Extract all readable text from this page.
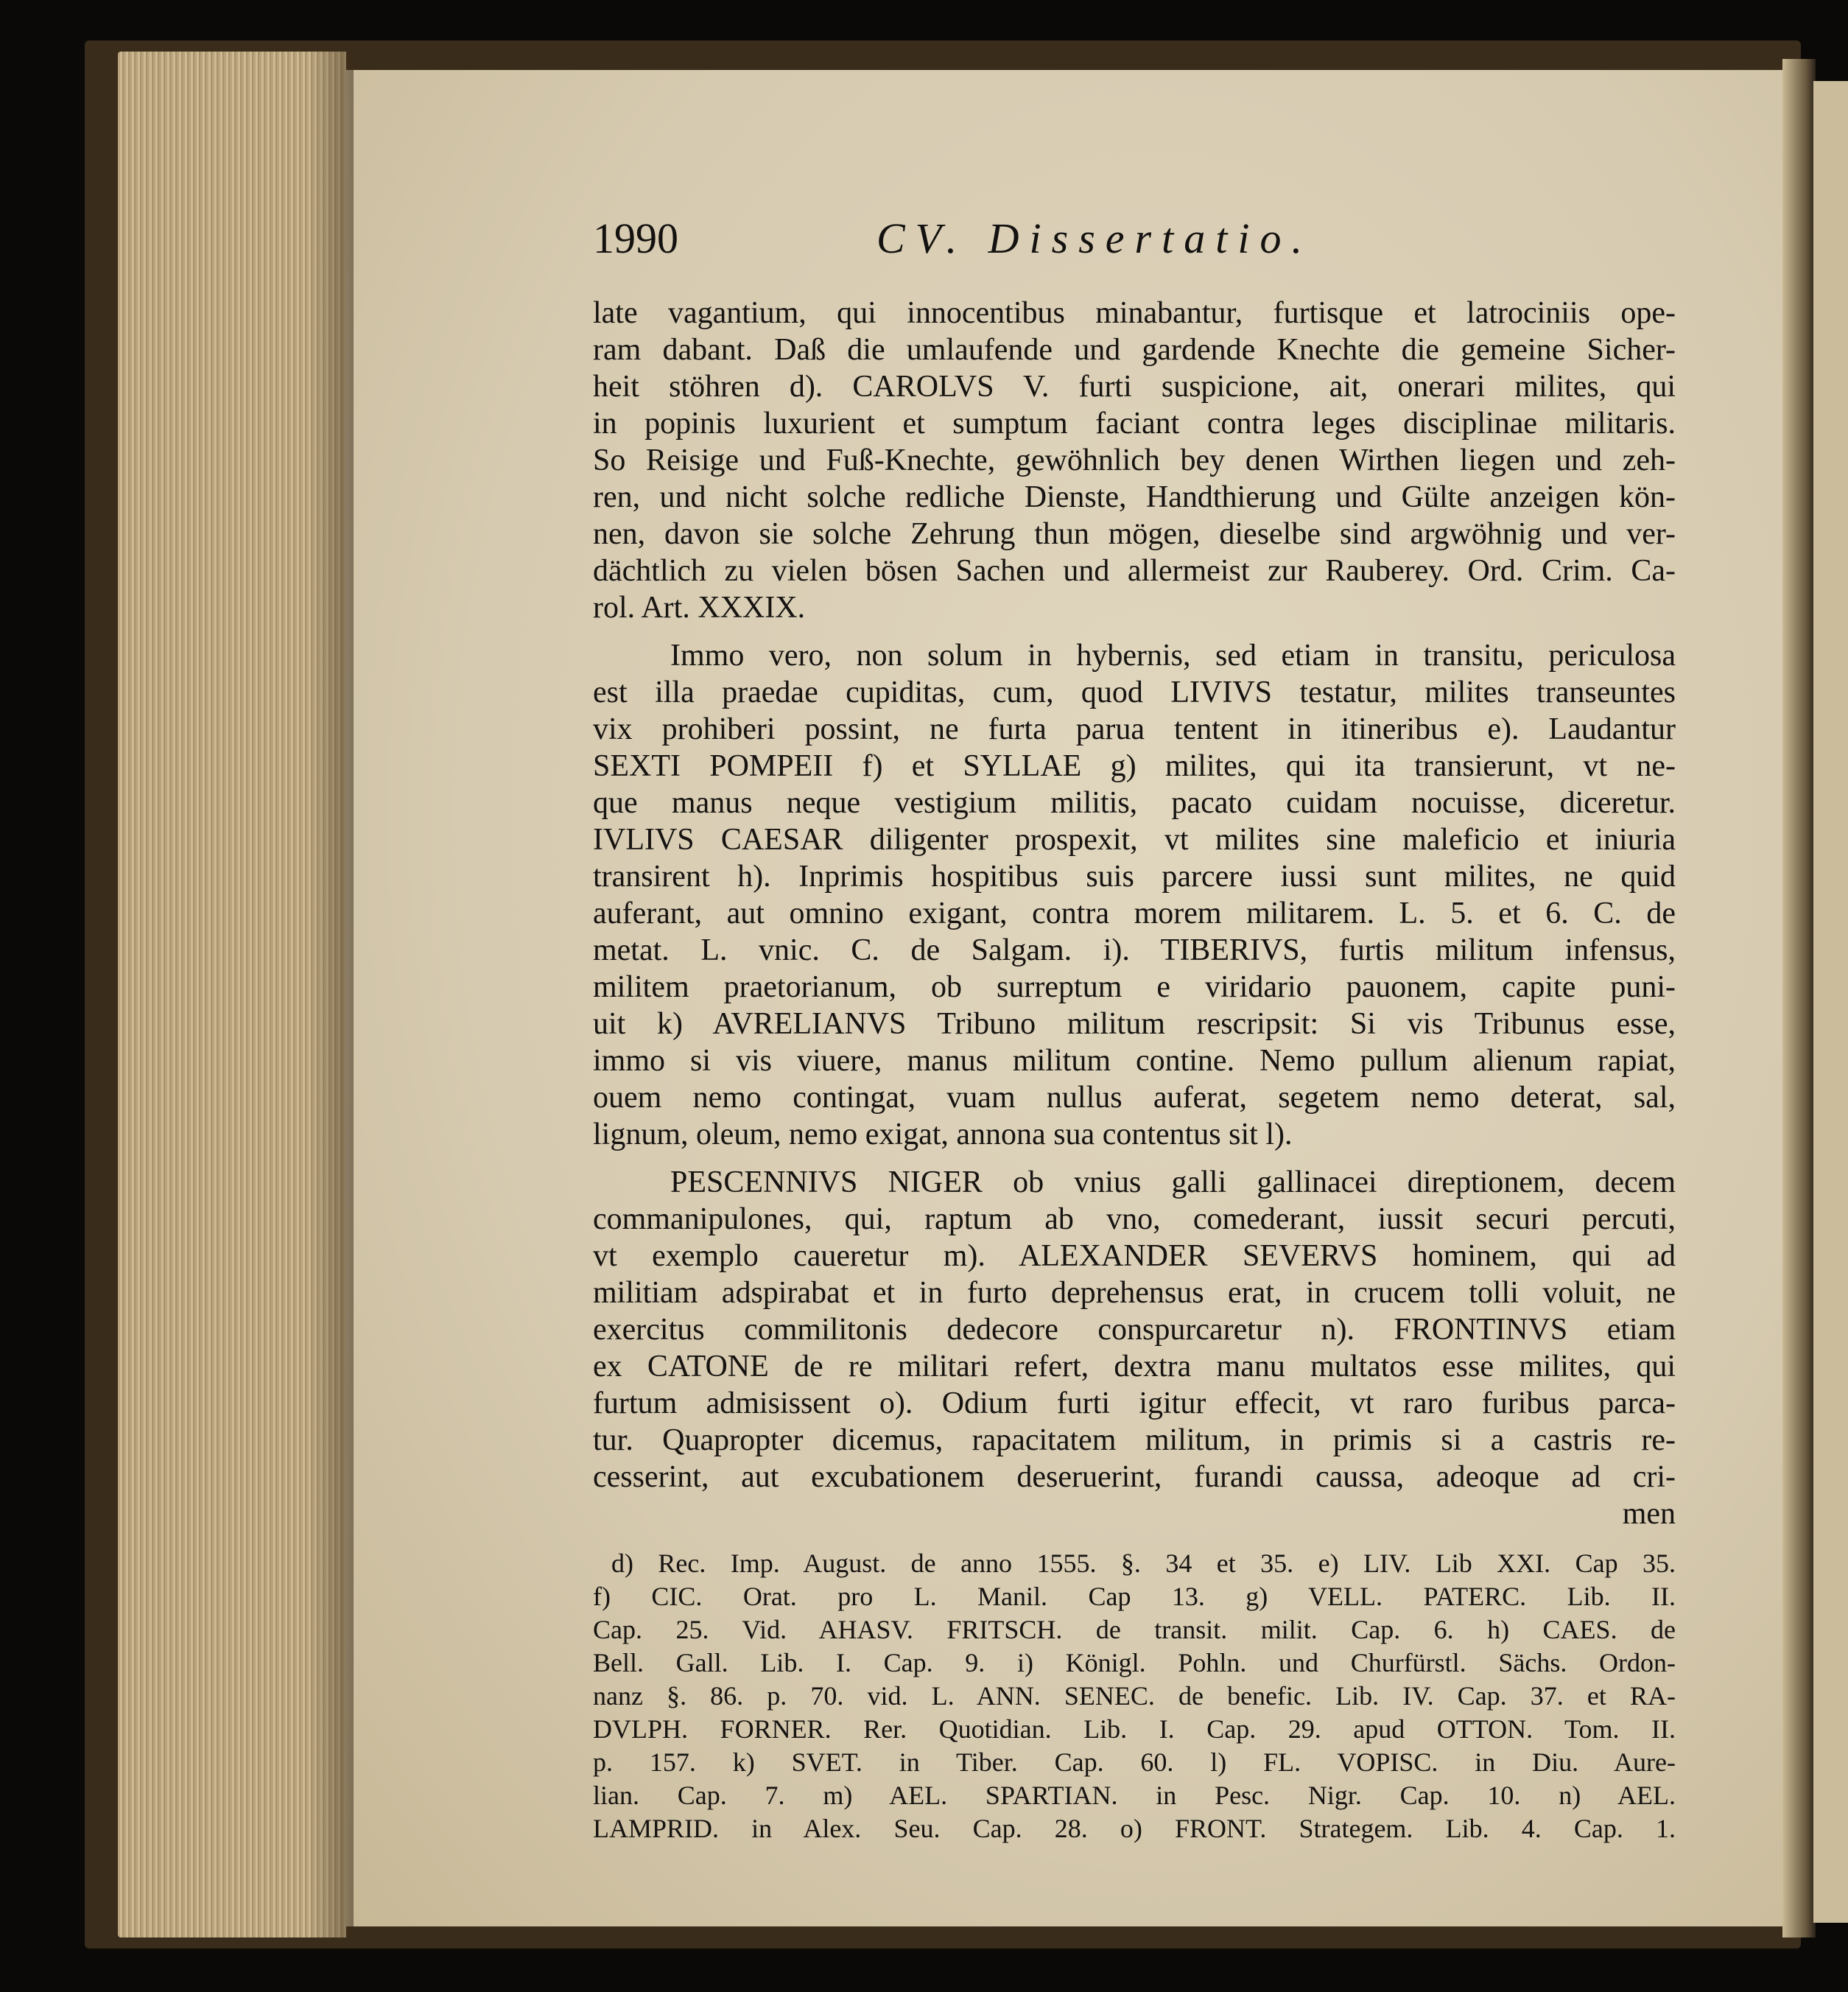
1990	CV. Dissertatio.
late vagantium, qui innocentibus minabantur, furtisque et latrociniis ope-
ram dabant. Daß die umlaufende und gardende Knechte die gemeine Sicher-
heit stöhren d). CAROLVS V. furti suspicione, ait, onerari milites, qui
in popinis luxurient et sumptum faciant contra leges disciplinae militaris.
So Reisige und Fuß-Knechte, gewöhnlich bey denen Wirthen liegen und zeh-
ren, und nicht solche redliche Dienste, Handthierung und Gülte anzeigen kön-
nen, davon sie solche Zehrung thun mögen, dieselbe sind argwöhnig und ver-
dächtlich zu vielen bösen Sachen und allermeist zur Rauberey. Ord. Crim. Ca-
rol. Art. XXXIX.
Immo vero, non solum in hybernis, sed etiam in transitu, periculosa
est illa praedae cupiditas, cum, quod LIVIVS testatur, milites transeuntes
vix prohiberi possint, ne furta parua tentent in itineribus e). Laudantur
SEXTI POMPEII f) et SYLLAE g) milites, qui ita transierunt, vt ne-
que manus neque vestigium militis, pacato cuidam nocuisse, diceretur.
IVLIVS CAESAR diligenter prospexit, vt milites sine maleficio et iniuria
transirent h). Inprimis hospitibus suis parcere iussi sunt milites, ne quid
auferant, aut omnino exigant, contra morem militarem. L. 5. et 6. C. de
metat. L. vnic. C. de Salgam. i). TIBERIVS, furtis militum infensus,
militem praetorianum, ob surreptum e viridario pauonem, capite puni-
uit k) AVRELIANVS Tribuno militum rescripsit: Si vis Tribunus esse,
immo si vis viuere, manus militum contine. Nemo pullum alienum rapiat,
ouem nemo contingat, vuam nullus auferat, segetem nemo deterat, sal,
lignum, oleum, nemo exigat, annona sua contentus sit l).
PESCENNIVS NIGER ob vnius galli gallinacei direptionem, decem
commanipulones, qui, raptum ab vno, comederant, iussit securi percuti,
vt exemplo caueretur m). ALEXANDER SEVERVS hominem, qui ad
militiam adspirabat et in furto deprehensus erat, in crucem tolli voluit, ne
exercitus commilitonis dedecore conspurcaretur n). FRONTINVS etiam
ex CATONE de re militari refert, dextra manu multatos esse milites, qui
furtum admisissent o). Odium furti igitur effecit, vt raro furibus parca-
tur. Quapropter dicemus, rapacitatem militum, in primis si a castris re-
cesserint, aut excubationem deseruerint, furandi caussa, adeoque ad cri-
men
d) Rec. Imp. August. de anno 1555. §. 34 et 35. e) LIV. Lib XXI. Cap 35.
f) CIC. Orat. pro L. Manil. Cap 13. g) VELL. PATERC. Lib. II.
Cap. 25. Vid. AHASV. FRITSCH. de transit. milit. Cap. 6. h) CAES. de
Bell. Gall. Lib. I. Cap. 9. i) Königl. Pohln. und Churfürstl. Sächs. Ordon-
nanz §. 86. p. 70. vid. L. ANN. SENEC. de benefic. Lib. IV. Cap. 37. et RA-
DVLPH. FORNER. Rer. Quotidian. Lib. I. Cap. 29. apud OTTON. Tom. II.
p. 157. k) SVET. in Tiber. Cap. 60. l) FL. VOPISC. in Diu. Aure-
lian. Cap. 7. m) AEL. SPARTIAN. in Pesc. Nigr. Cap. 10. n) AEL.
LAMPRID. in Alex. Seu. Cap. 28. o) FRONT. Strategem. Lib. 4. Cap. 1.
